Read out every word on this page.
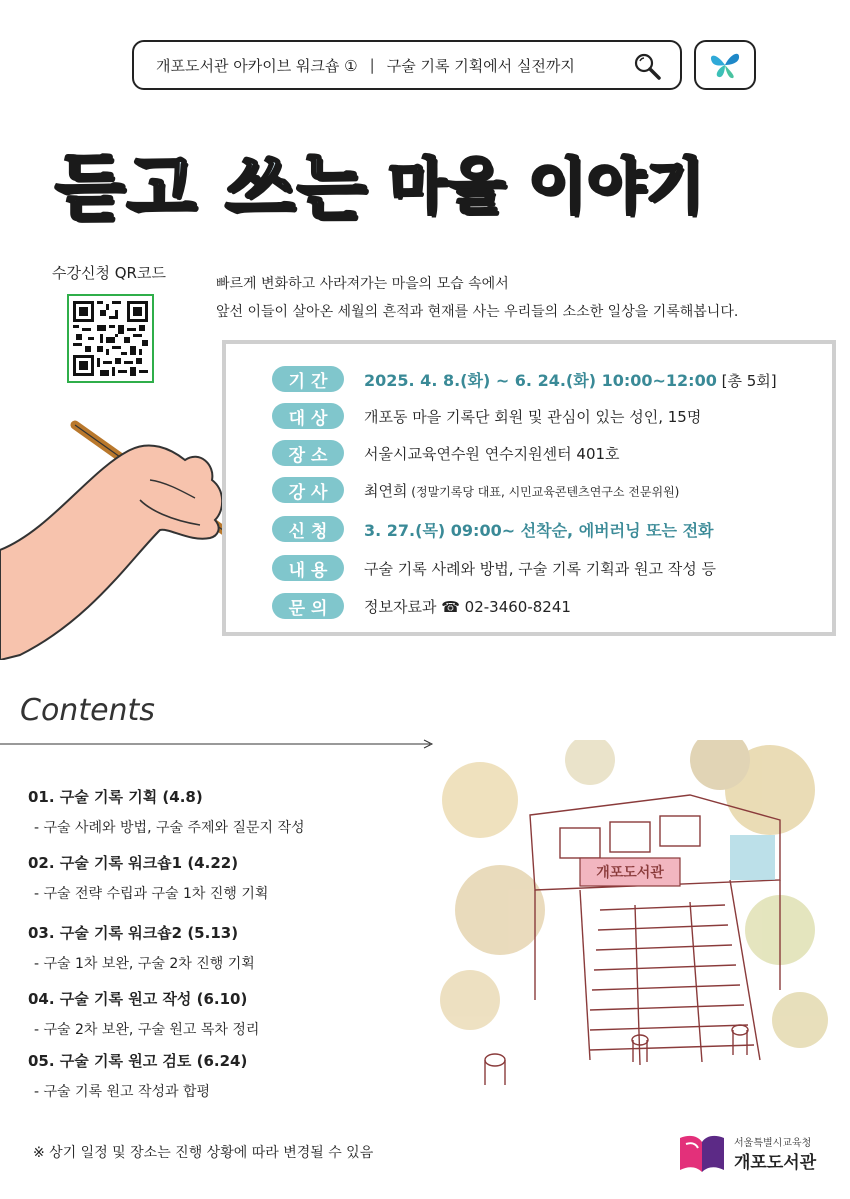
개포도서관 아카이브 워크숍 ① | 구술 기록 기획에서 실전까지
듣고 쓰는 마을 이야기
수강신청 QR코드
빠르게 변화하고 사라져가는 마을의 모습 속에서
앞선 이들이 살아온 세월의 흔적과 현재를 사는 우리들의 소소한 일상을 기록해봅니다.
기간	2025. 4. 8.(화) ~ 6. 24.(화) 10:00~12:00 [총 5회]
대상	개포동 마을 기록단 회원 및 관심이 있는 성인, 15명
장소	서울시교육연수원 연수지원센터 401호
강사	최연희 (정말기록당 대표, 시민교육콘텐츠연구소 전문위원)
신청	3. 27.(목) 09:00~ 선착순, 에버러닝 또는 전화
내용	구술 기록 사례와 방법, 구술 기록 기획과 원고 작성 등
문의	정보자료과 ☎ 02-3460-8241
Contents
01. 구술 기록 기획 (4.8)
- 구술 사례와 방법, 구술 주제와 질문지 작성
02. 구술 기록 워크숍1 (4.22)
- 구술 전략 수립과 구술 1차 진행 기획
03. 구술 기록 워크숍2 (5.13)
- 구술 1차 보완, 구술 2차 진행 기획
04. 구술 기록 원고 작성 (6.10)
- 구술 2차 보완, 구술 원고 목차 정리
05. 구술 기록 원고 검토 (6.24)
- 구술 기록 원고 작성과 합평
개포도서관
※ 상기 일정 및 장소는 진행 상황에 따라 변경될 수 있음
서울특별시교육청
개포도서관
